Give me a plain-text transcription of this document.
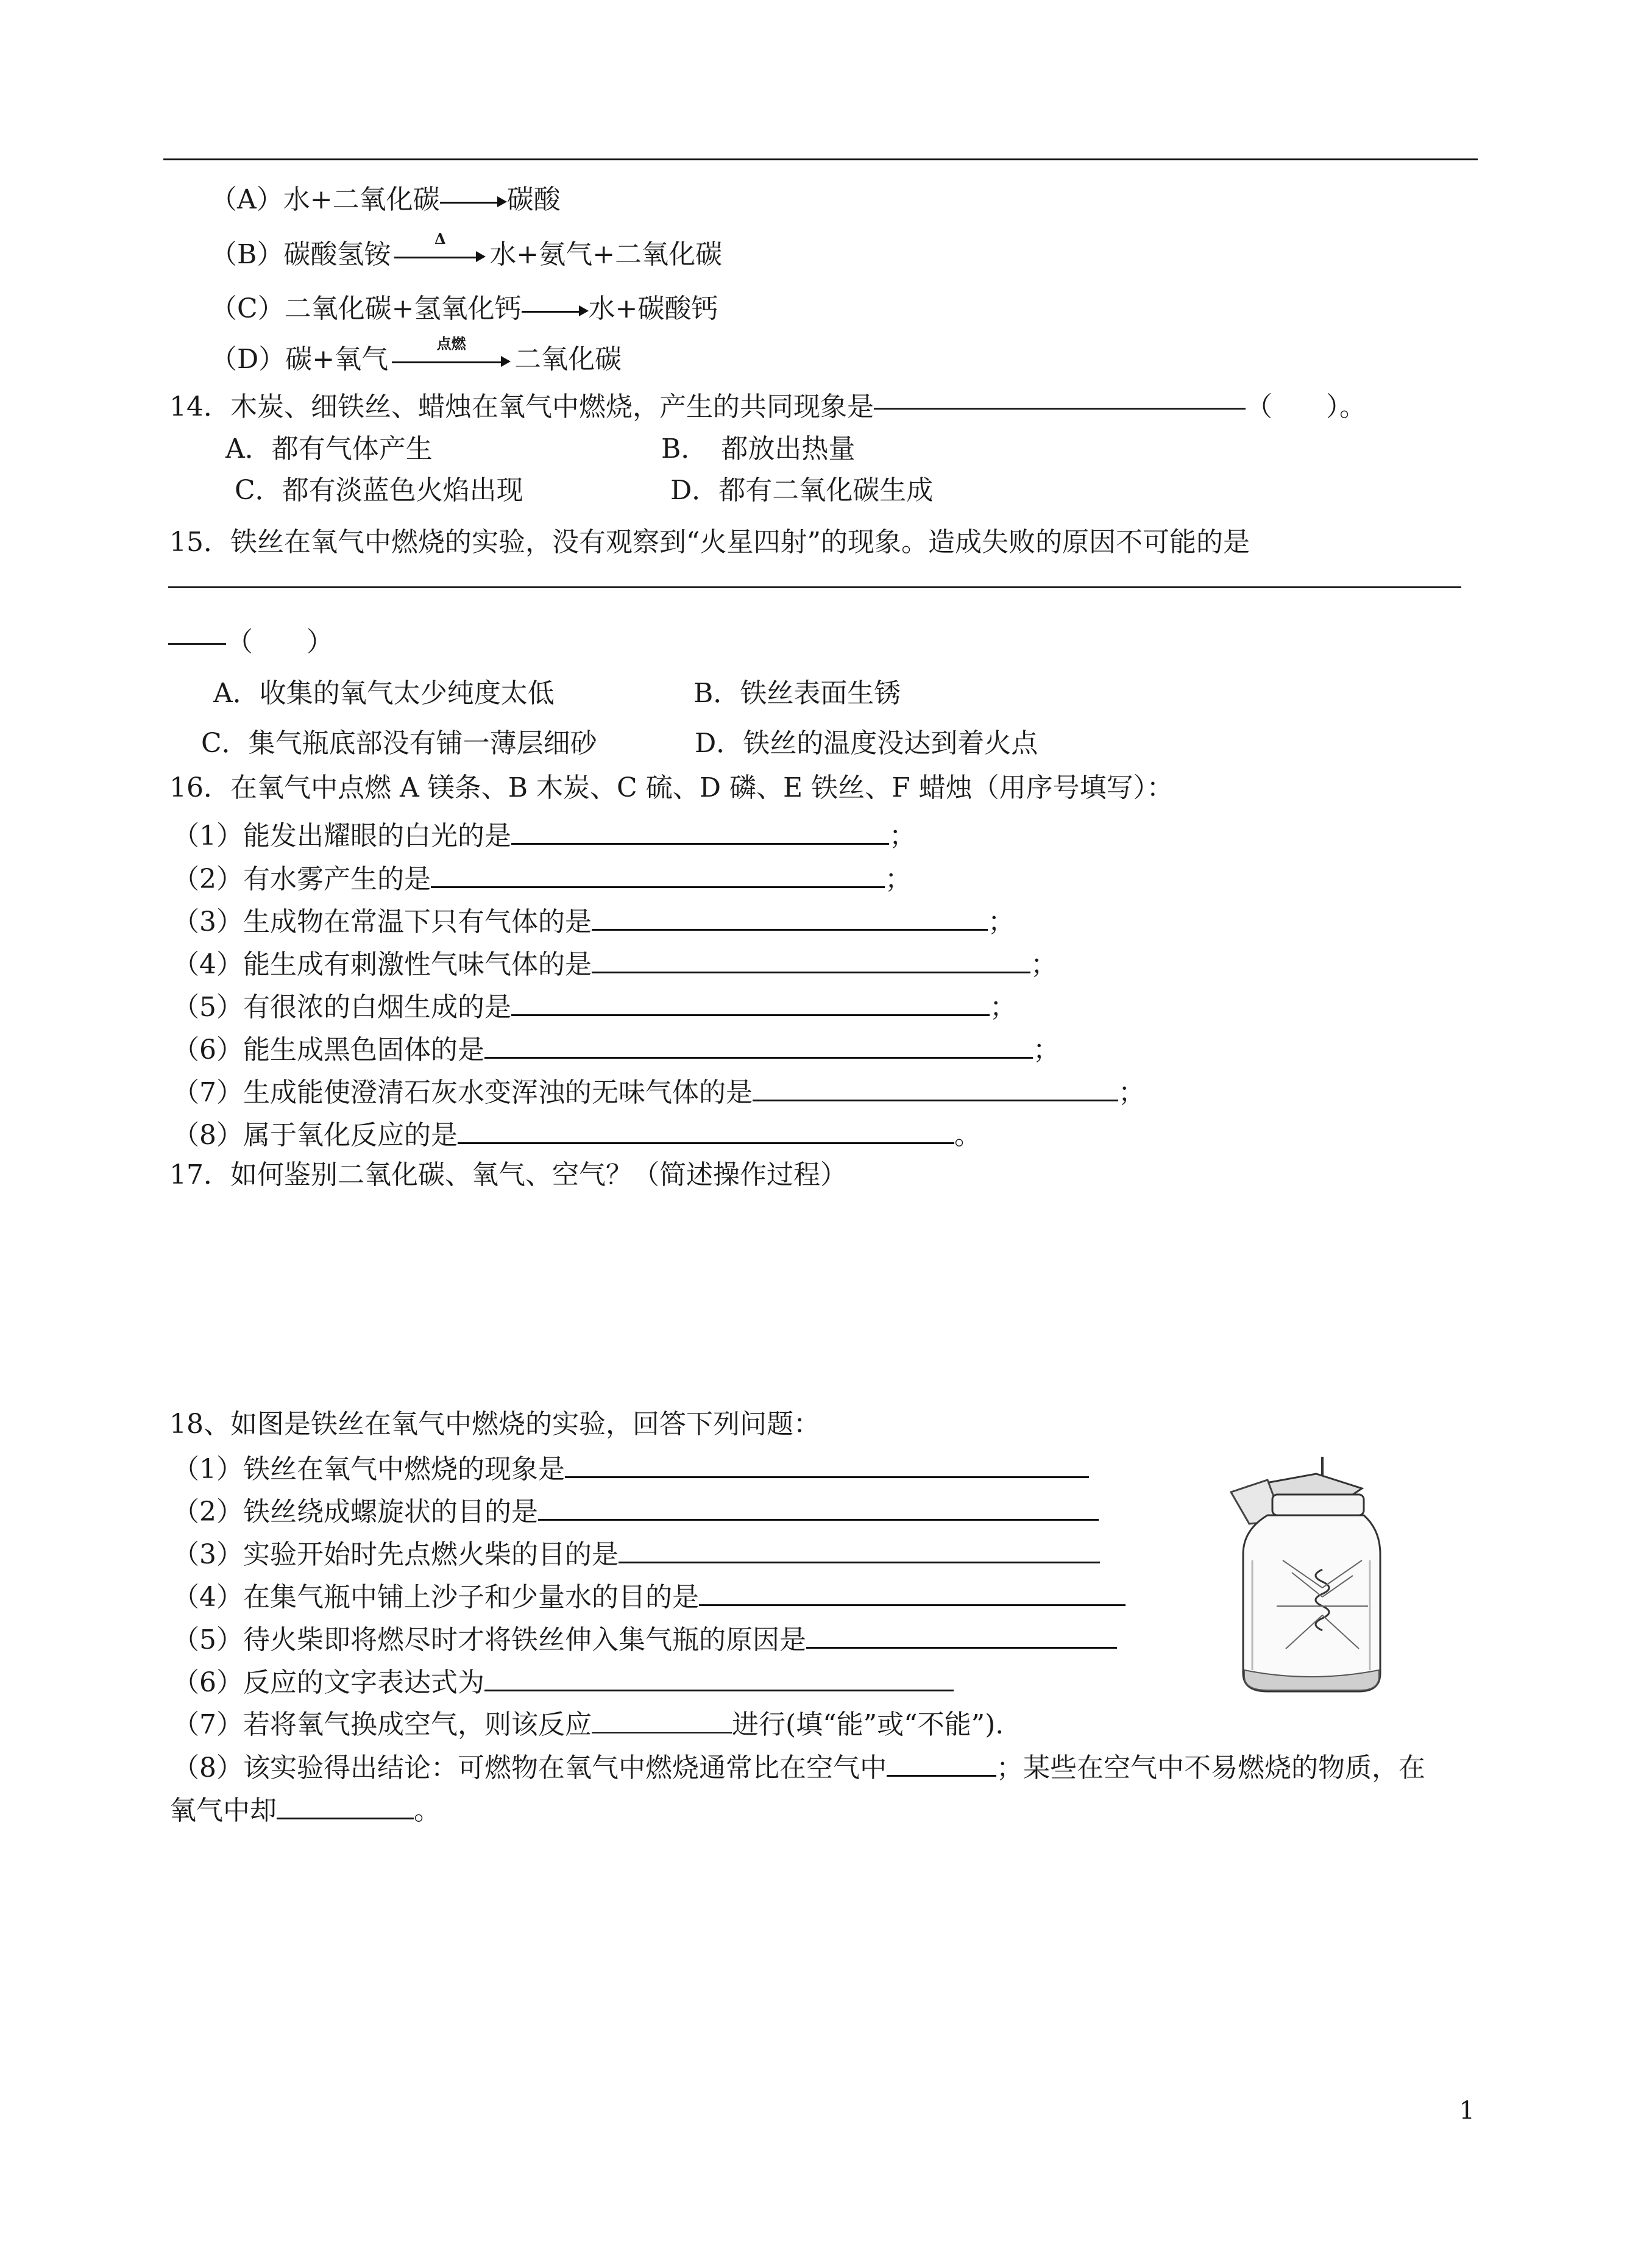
（A）水+二氧化碳	碳酸
（B）碳酸氢铵
Δ
水+氨气+二氧化碳
（C）二氧化碳+氢氧化钙	水+碳酸钙
（D）碳+氧气
点燃
二氧化碳
14．木炭、细铁丝、蜡烛在氧气中燃烧，产生的共同现象是	（　　）。
A．都有气体产生	B．　都放出热量
C．都有淡蓝色火焰出现	D．都有二氧化碳生成
15．铁丝在氧气中燃烧的实验，没有观察到“火星四射”的现象。造成失败的原因不可能的是
（　　）
A．收集的氧气太少纯度太低	B．铁丝表面生锈
C．集气瓶底部没有铺一薄层细砂	D．铁丝的温度没达到着火点
16．在氧气中点燃 A 镁条、B 木炭、C 硫、D 磷、E 铁丝、F 蜡烛（用序号填写）：
（1）能发出耀眼的白光的是	；
（2）有水雾产生的是	；
（3）生成物在常温下只有气体的是	；
（4）能生成有刺激性气味气体的是	；
（5）有很浓的白烟生成的是	；
（6）能生成黑色固体的是	；
（7）生成能使澄清石灰水变浑浊的无味气体的是	；
（8）属于氧化反应的是	。
17．如何鉴别二氧化碳、氧气、空气？（简述操作过程）
18、如图是铁丝在氧气中燃烧的实验，回答下列问题：
（1）铁丝在氧气中燃烧的现象是
（2）铁丝绕成螺旋状的目的是
（3）实验开始时先点燃火柴的目的是
（4）在集气瓶中铺上沙子和少量水的目的是
（5）待火柴即将燃尽时才将铁丝伸入集气瓶的原因是
（6）反应的文字表达式为
（7）若将氧气换成空气，则该反应	进行(填“能”或“不能”).
（8）该实验得出结论：可燃物在氧气中燃烧通常比在空气中	；某些在空气中不易燃烧的物质，在
氧气中却	。
1
